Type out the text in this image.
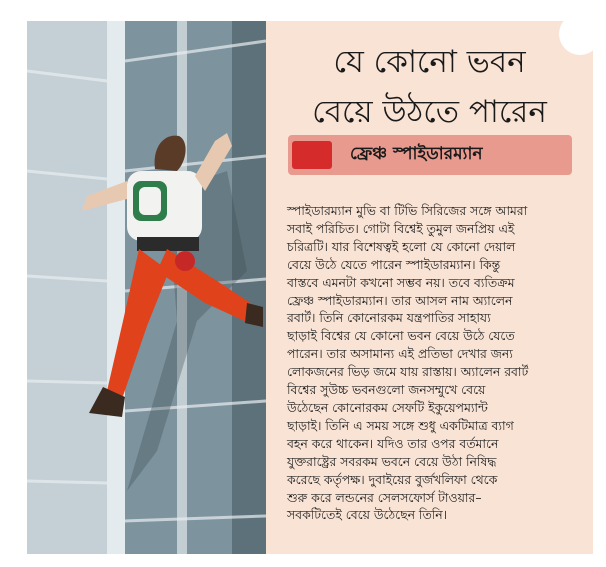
যে কোনো ভবন
বেয়ে উঠতে পারেন
ফ্রেঞ্চ স্পাইডারম্যান
স্পাইডারম্যান মুভি বা টিভি সিরিজের সঙ্গে আমরা
সবাই পরিচিত। গোটা বিশ্বেই তুমুল জনপ্রিয় এই
চরিত্রটি। যার বিশেষত্বই হলো যে কোনো দেয়াল
বেয়ে উঠে যেতে পারেন স্পাইডারম্যান। কিন্তু
বাস্তবে এমনটা কখনো সম্ভব নয়। তবে ব্যতিক্রম
ফ্রেঞ্চ স্পাইডারম্যান। তার আসল নাম অ্যালেন
রবার্ট। তিনি কোনোরকম যন্ত্রপাতির সাহায্য
ছাড়াই বিশ্বের যে কোনো ভবন বেয়ে উঠে যেতে
পারেন। তার অসামান্য এই প্রতিভা দেখার জন্য
লোকজনের ভিড় জমে যায় রাস্তায়। অ্যালেন রবার্ট
বিশ্বের সুউচ্চ ভবনগুলো জনসম্মুখে বেয়ে
উঠেছেন কোনোরকম সেফটি ইকুয়েপম্যান্ট
ছাড়াই। তিনি এ সময় সঙ্গে শুধু একটিমাত্র ব্যাগ
বহন করে থাকেন। যদিও তার ওপর বর্তমানে
যুক্তরাষ্ট্রের সবরকম ভবনে বেয়ে উঠা নিষিদ্ধ
করেছে কর্তৃপক্ষ। দুবাইয়ের বুর্জখলিফা থেকে
শুরু করে লন্ডনের সেলসফোর্স টাওয়ার–
সবকটিতেই বেয়ে উঠেছেন তিনি।
